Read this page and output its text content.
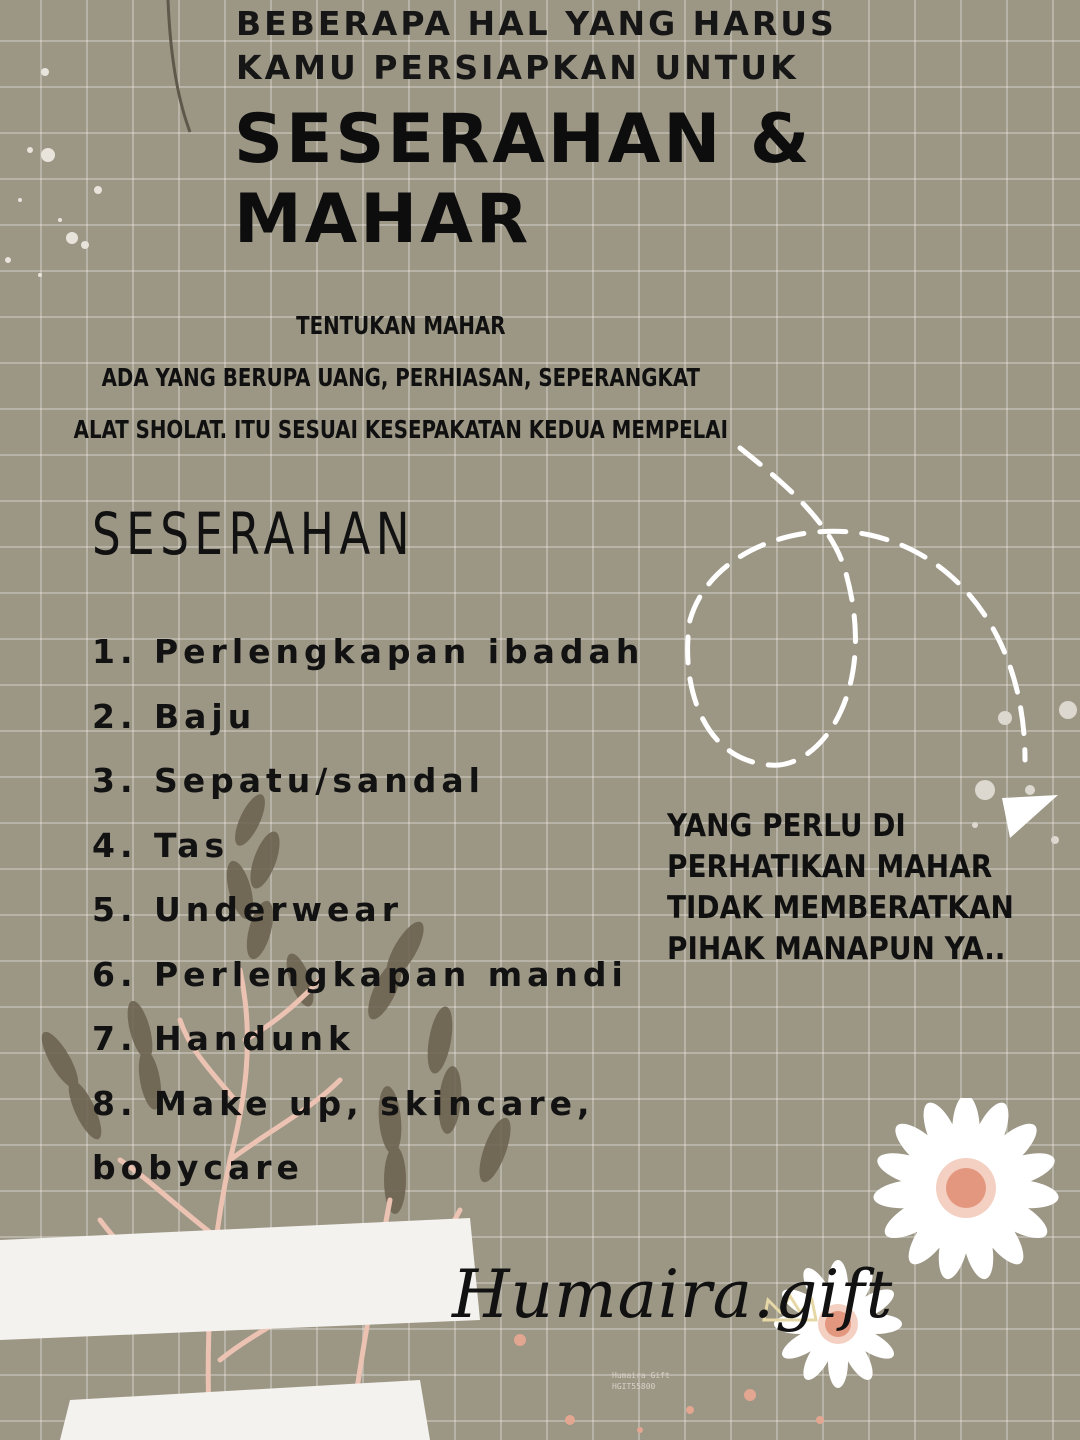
BEBERAPA HAL YANG HARUS
KAMU PERSIAPKAN UNTUK
SESERAHAN &
MAHAR
TENTUKAN MAHAR
ADA YANG BERUPA UANG, PERHIASAN, SEPERANGKAT
ALAT SHOLAT. ITU SESUAI KESEPAKATAN KEDUA MEMPELAI
SESERAHAN
1. Perlengkapan ibadah
2. Baju
3. Sepatu/sandal
4. Tas
5. Underwear
6. Perlengkapan mandi
7. Handunk
8. Make up, skincare,
bobycare
YANG PERLU DI
PERHATIKAN MAHAR
TIDAK MEMBERATKAN
PIHAK MANAPUN YA..
Humaira.gift
Humaira Gift
HGIT55800
